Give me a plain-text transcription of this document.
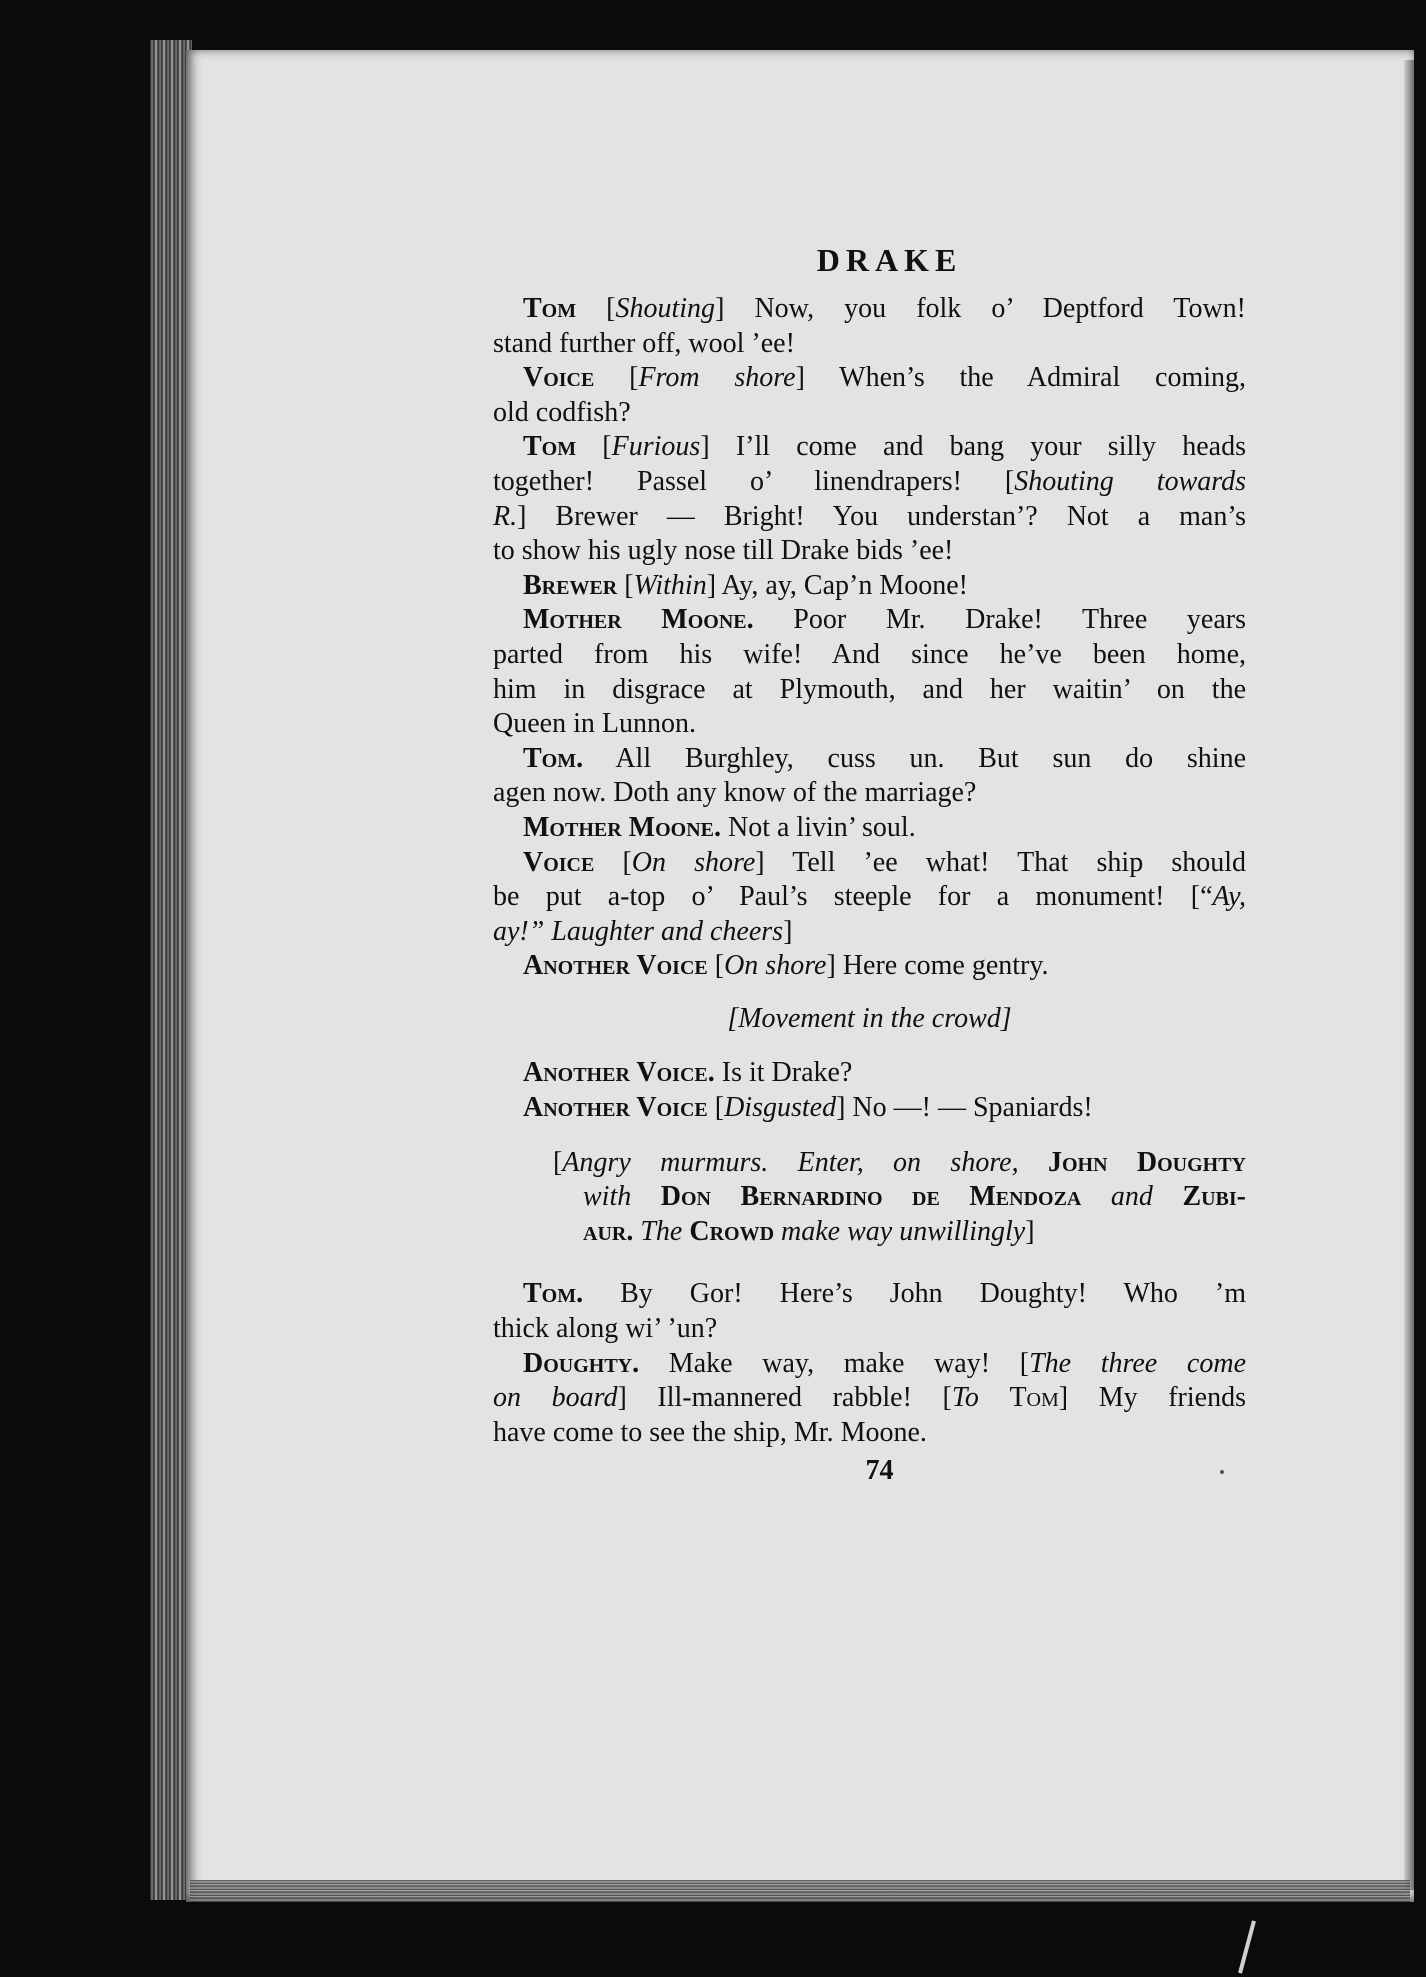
DRAKE
Tom [Shouting] Now, you folk o’ Deptford Town!
stand further off, wool ’ee!
Voice [From shore] When’s the Admiral coming,
old codfish?
Tom [Furious] I’ll come and bang your silly heads
together! Passel o’ linendrapers! [Shouting towards
R.] Brewer — Bright! You understan’? Not a man’s
to show his ugly nose till Drake bids ’ee!
Brewer [Within] Ay, ay, Cap’n Moone!
Mother Moone. Poor Mr. Drake! Three years
parted from his wife! And since he’ve been home,
him in disgrace at Plymouth, and her waitin’ on the
Queen in Lunnon.
Tom. All Burghley, cuss un. But sun do shine
agen now. Doth any know of the marriage?
Mother Moone. Not a livin’ soul.
Voice [On shore] Tell ’ee what! That ship should
be put a-top o’ Paul’s steeple for a monument! [“Ay,
ay!” Laughter and cheers]
Another Voice [On shore] Here come gentry.
[Movement in the crowd]
Another Voice. Is it Drake?
Another Voice [Disgusted] No —! — Spaniards!
[Angry murmurs. Enter, on shore, John Doughty
with Don Bernardino de Mendoza and Zubi-
aur. The Crowd make way unwillingly]
Tom. By Gor! Here’s John Doughty! Who ’m
thick along wi’ ’un?
Doughty. Make way, make way! [The three come
on board] Ill-mannered rabble! [To Tom] My friends
have come to see the ship, Mr. Moone.
74
